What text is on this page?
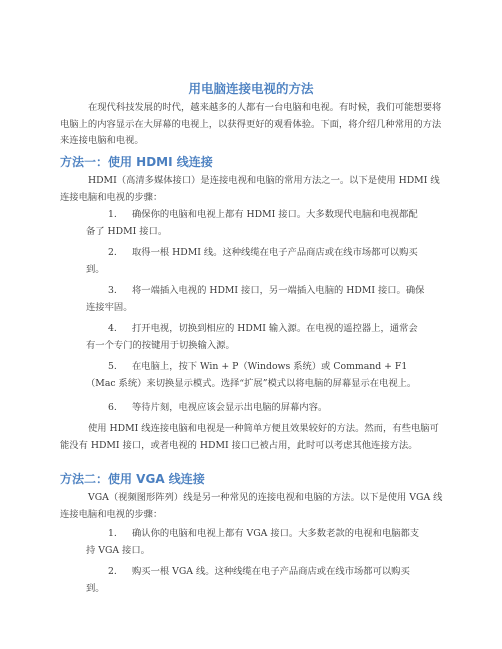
用电脑连接电视的方法

在现代科技发展的时代，越来越多的人都有一台电脑和电视。有时候，我们可能想要将电脑上的内容显示在大屏幕的电视上，以获得更好的观看体验。下面，将介绍几种常用的方法来连接电脑和电视。

方法一：使用 HDMI 线连接

HDMI（高清多媒体接口）是连接电视和电脑的常用方法之一。以下是使用 HDMI 线连接电脑和电视的步骤：

1. 确保你的电脑和电视上都有 HDMI 接口。大多数现代电脑和电视都配备了 HDMI 接口。

2. 取得一根 HDMI 线。这种线缆在电子产品商店或在线市场都可以购买到。

3. 将一端插入电视的 HDMI 接口，另一端插入电脑的 HDMI 接口。确保连接牢固。

4. 打开电视，切换到相应的 HDMI 输入源。在电视的遥控器上，通常会有一个专门的按键用于切换输入源。

5. 在电脑上，按下 Win + P（Windows 系统）或 Command + F1（Mac 系统）来切换显示模式。选择“扩展”模式以将电脑的屏幕显示在电视上。

6. 等待片刻，电视应该会显示出电脑的屏幕内容。

使用 HDMI 线连接电脑和电视是一种简单方便且效果较好的方法。然而，有些电脑可能没有 HDMI 接口，或者电视的 HDMI 接口已被占用，此时可以考虑其他连接方法。

方法二：使用 VGA 线连接

VGA（视频图形阵列）线是另一种常见的连接电视和电脑的方法。以下是使用 VGA 线连接电脑和电视的步骤：

1. 确认你的电脑和电视上都有 VGA 接口。大多数老款的电视和电脑都支持 VGA 接口。

2. 购买一根 VGA 线。这种线缆在电子产品商店或在线市场都可以购买到。
